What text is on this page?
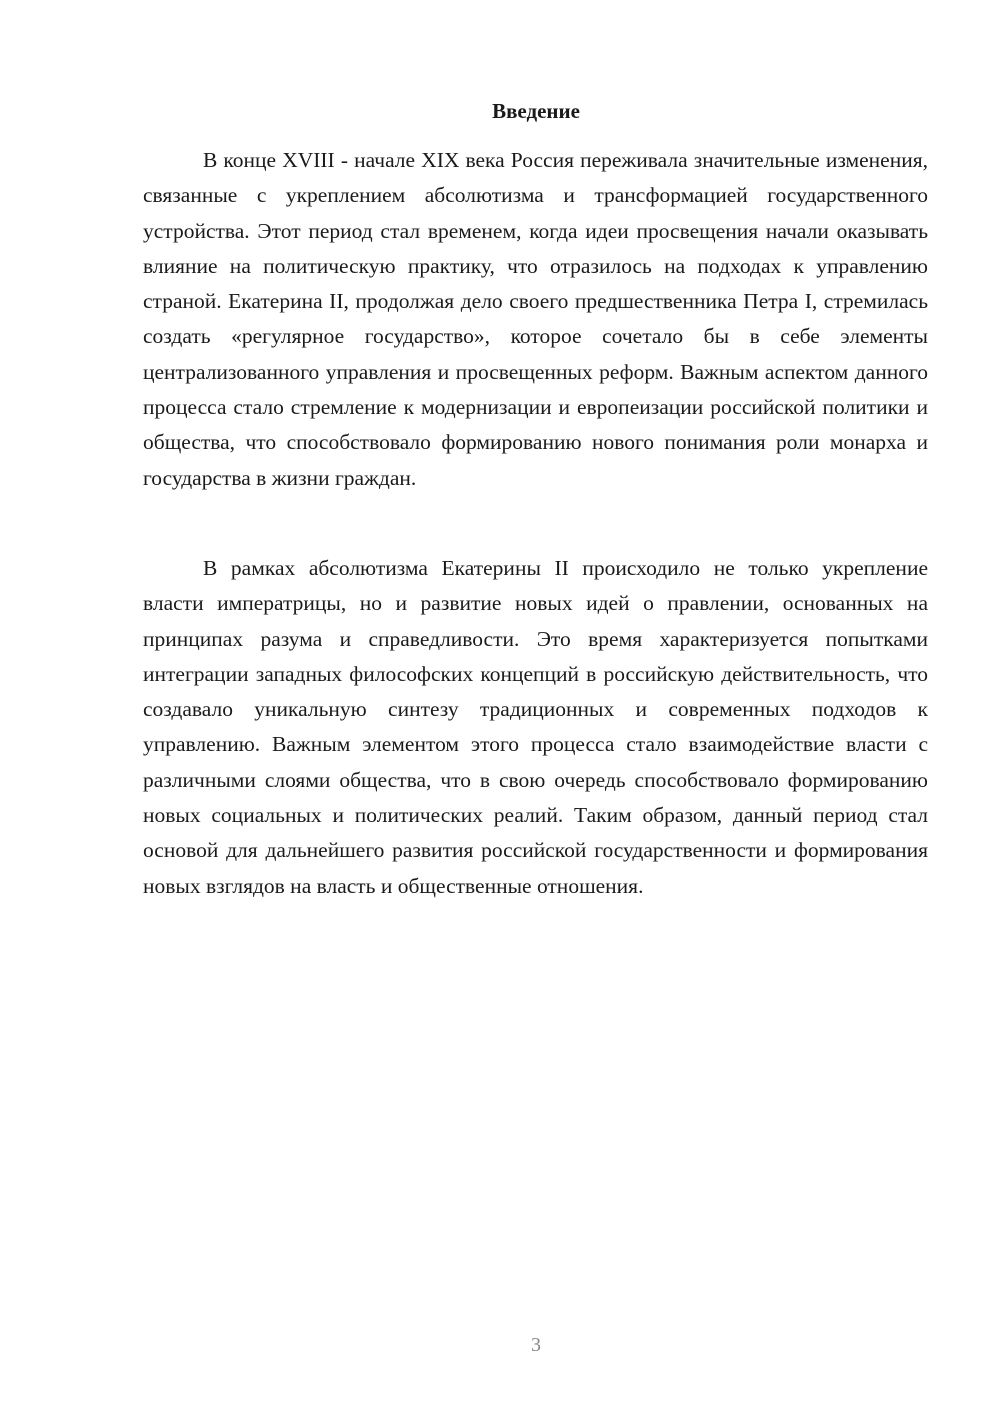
Введение

В конце XVIII - начале XIX века Россия переживала значительные изменения, связанные с укреплением абсолютизма и трансформацией государственного устройства. Этот период стал временем, когда идеи просвещения начали оказывать влияние на политическую практику, что отразилось на подходах к управлению страной. Екатерина II, продолжая дело своего предшественника Петра I, стремилась создать «регулярное государство», которое сочетало бы в себе элементы централизованного управления и просвещенных реформ. Важным аспектом данного процесса стало стремление к модернизации и европеизации российской политики и общества, что способствовало формированию нового понимания роли монарха и государства в жизни граждан.

В рамках абсолютизма Екатерины II происходило не только укрепление власти императрицы, но и развитие новых идей о правлении, основанных на принципах разума и справедливости. Это время характеризуется попытками интеграции западных философских концепций в российскую действительность, что создавало уникальную синтезу традиционных и современных подходов к управлению. Важным элементом этого процесса стало взаимодействие власти с различными слоями общества, что в свою очередь способствовало формированию новых социальных и политических реалий. Таким образом, данный период стал основой для дальнейшего развития российской государственности и формирования новых взглядов на власть и общественные отношения.

3
